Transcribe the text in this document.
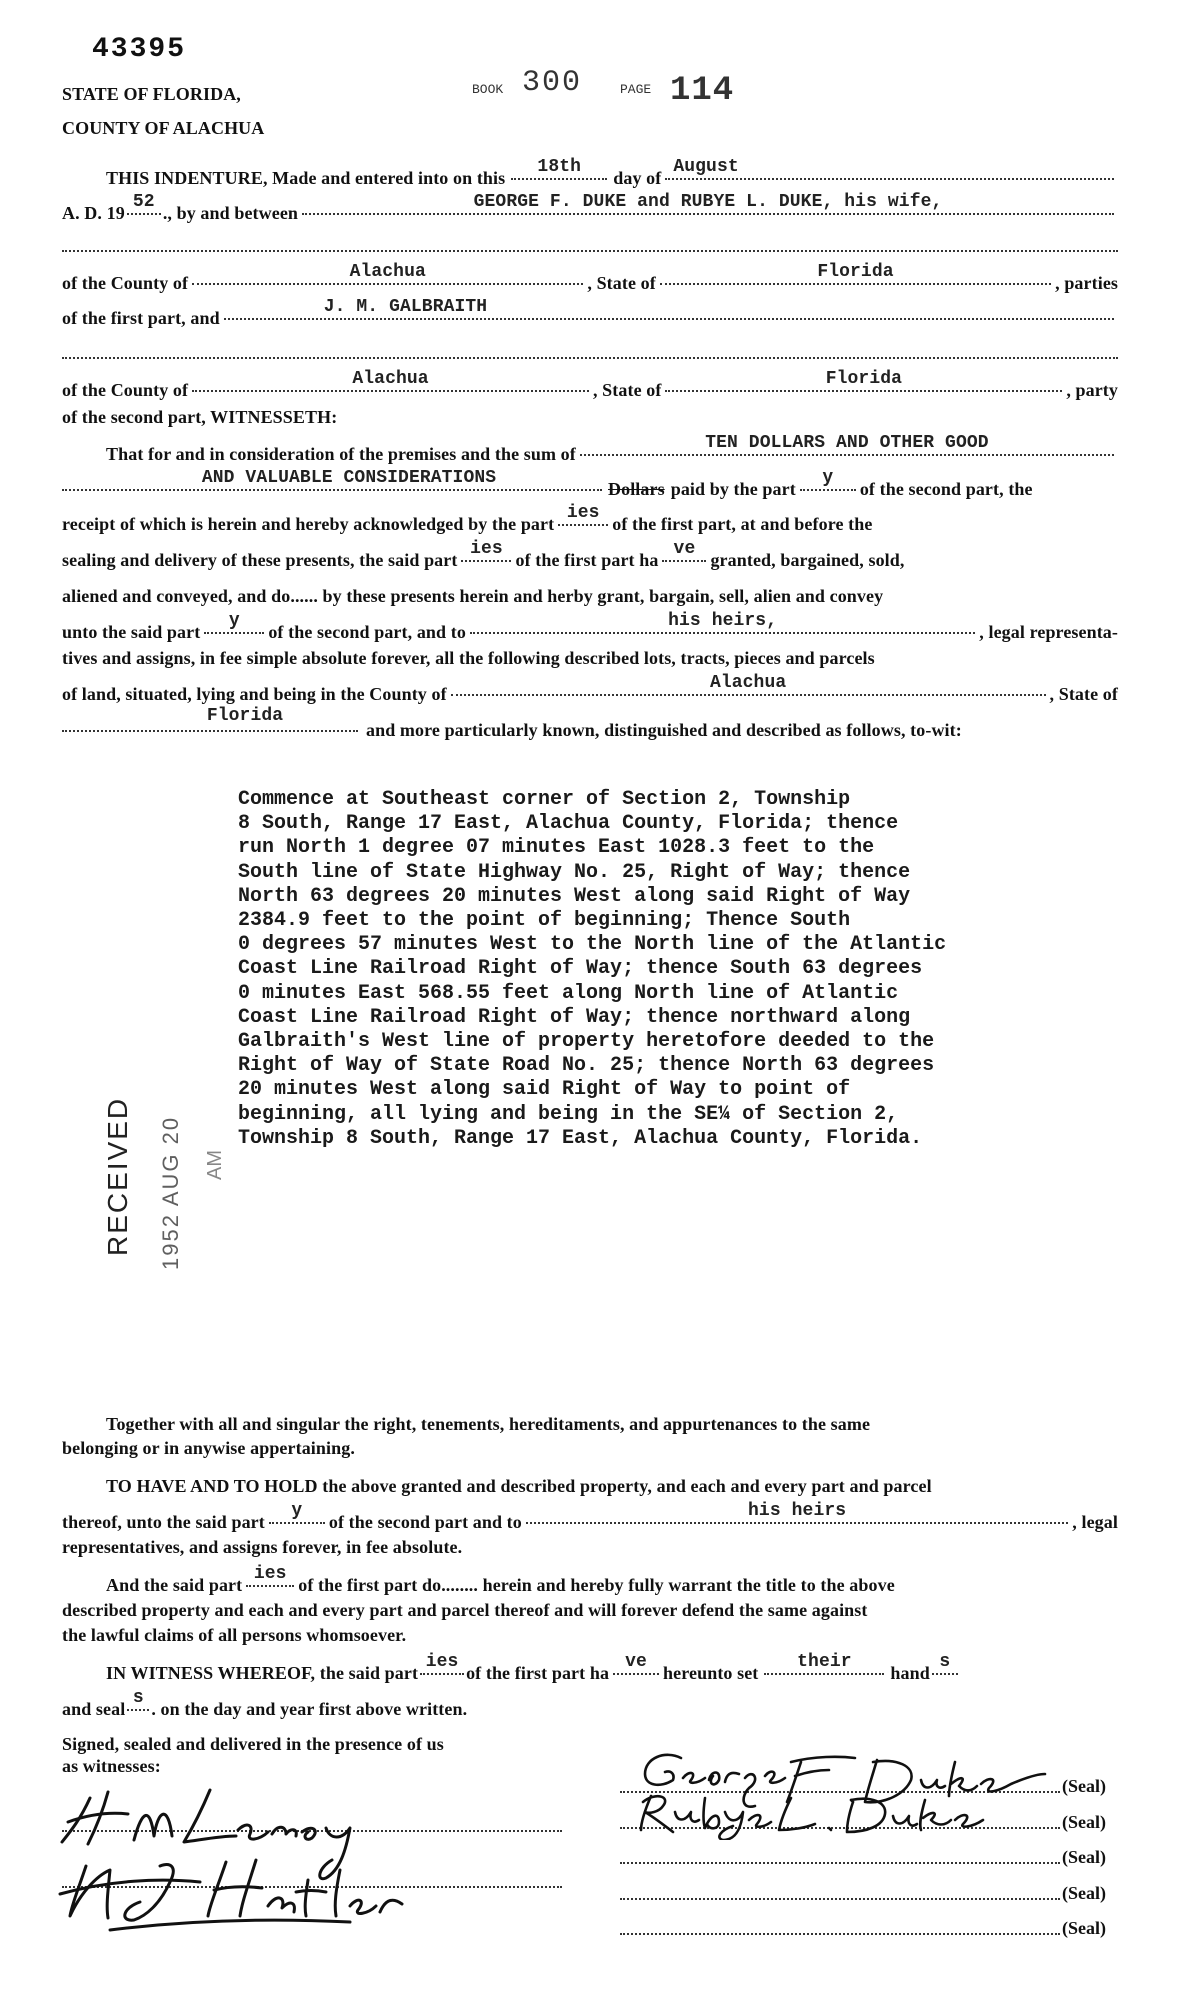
43395
BOOK 300	PAGE 114
STATE OF FLORIDA,
COUNTY OF ALACHUA
THIS INDENTURE, Made and entered into on this
18th
day of
August
A. D. 19
52
., by and between
GEORGE F. DUKE and RUBYE L. DUKE, his wife,
of the County of
Alachua
, State of
Florida
, parties
of the first part, and
J. M. GALBRAITH
of the County of
Alachua
, State of
Florida
, party
of the second part, WITNESSETH:
That for and in consideration of the premises and the sum of
TEN DOLLARS AND OTHER GOOD
AND VALUABLE CONSIDERATIONS
Dollars paid by the part
y
of the second part, the
receipt of which is herein and hereby acknowledged by the part
ies
of the first part, at and before the
sealing and delivery of these presents, the said part
ies
of the first part ha
ve
granted, bargained, sold,
aliened and conveyed, and do...... by these presents herein and herby grant, bargain, sell, alien and convey
unto the said part
y
of the second part, and to
his heirs,
, legal representa-
tives and assigns, in fee simple absolute forever, all the following described lots, tracts, pieces and parcels
of land, situated, lying and being in the County of
Alachua
, State of
Florida
and more particularly known, distinguished and described as follows, to-wit:
Commence at Southeast corner of Section 2, Township
8 South, Range 17 East, Alachua County, Florida; thence
run North 1 degree 07 minutes East 1028.3 feet to the
South line of State Highway No. 25, Right of Way; thence
North 63 degrees 20 minutes West along said Right of Way
2384.9 feet to the point of beginning; Thence South
0 degrees 57 minutes West to the North line of the Atlantic
Coast Line Railroad Right of Way; thence South 63 degrees
0 minutes East 568.55 feet along North line of Atlantic
Coast Line Railroad Right of Way; thence northward along
Galbraith's West line of property heretofore deeded to the
Right of Way of State Road No. 25; thence North 63 degrees
20 minutes West along said Right of Way to point of
beginning, all lying and being in the SE¼ of Section 2,
Township 8 South, Range 17 East, Alachua County, Florida.
RECEIVED 1952 AUG 20 AM
Together with all and singular the right, tenements, hereditaments, and appurtenances to the same
belonging or in anywise appertaining.
TO HAVE AND TO HOLD the above granted and described property, and each and every part and parcel
thereof, unto the said part
y
of the second part and to
his heirs
, legal
representatives, and assigns forever, in fee absolute.
And the said part
ies
of the first part do........ herein and hereby fully warrant the title to the above
described property and each and every part and parcel thereof and will forever defend the same against
the lawful claims of all persons whomsoever.
IN WITNESS WHEREOF, the said part
ies
of the first part ha
ve
hereunto set
their
hand
s
and seal
s
. on the day and year first above written.
Signed, sealed and delivered in the presence of us
as witnesses:
(Seal)
(Seal)
(Seal)
(Seal)
(Seal)
